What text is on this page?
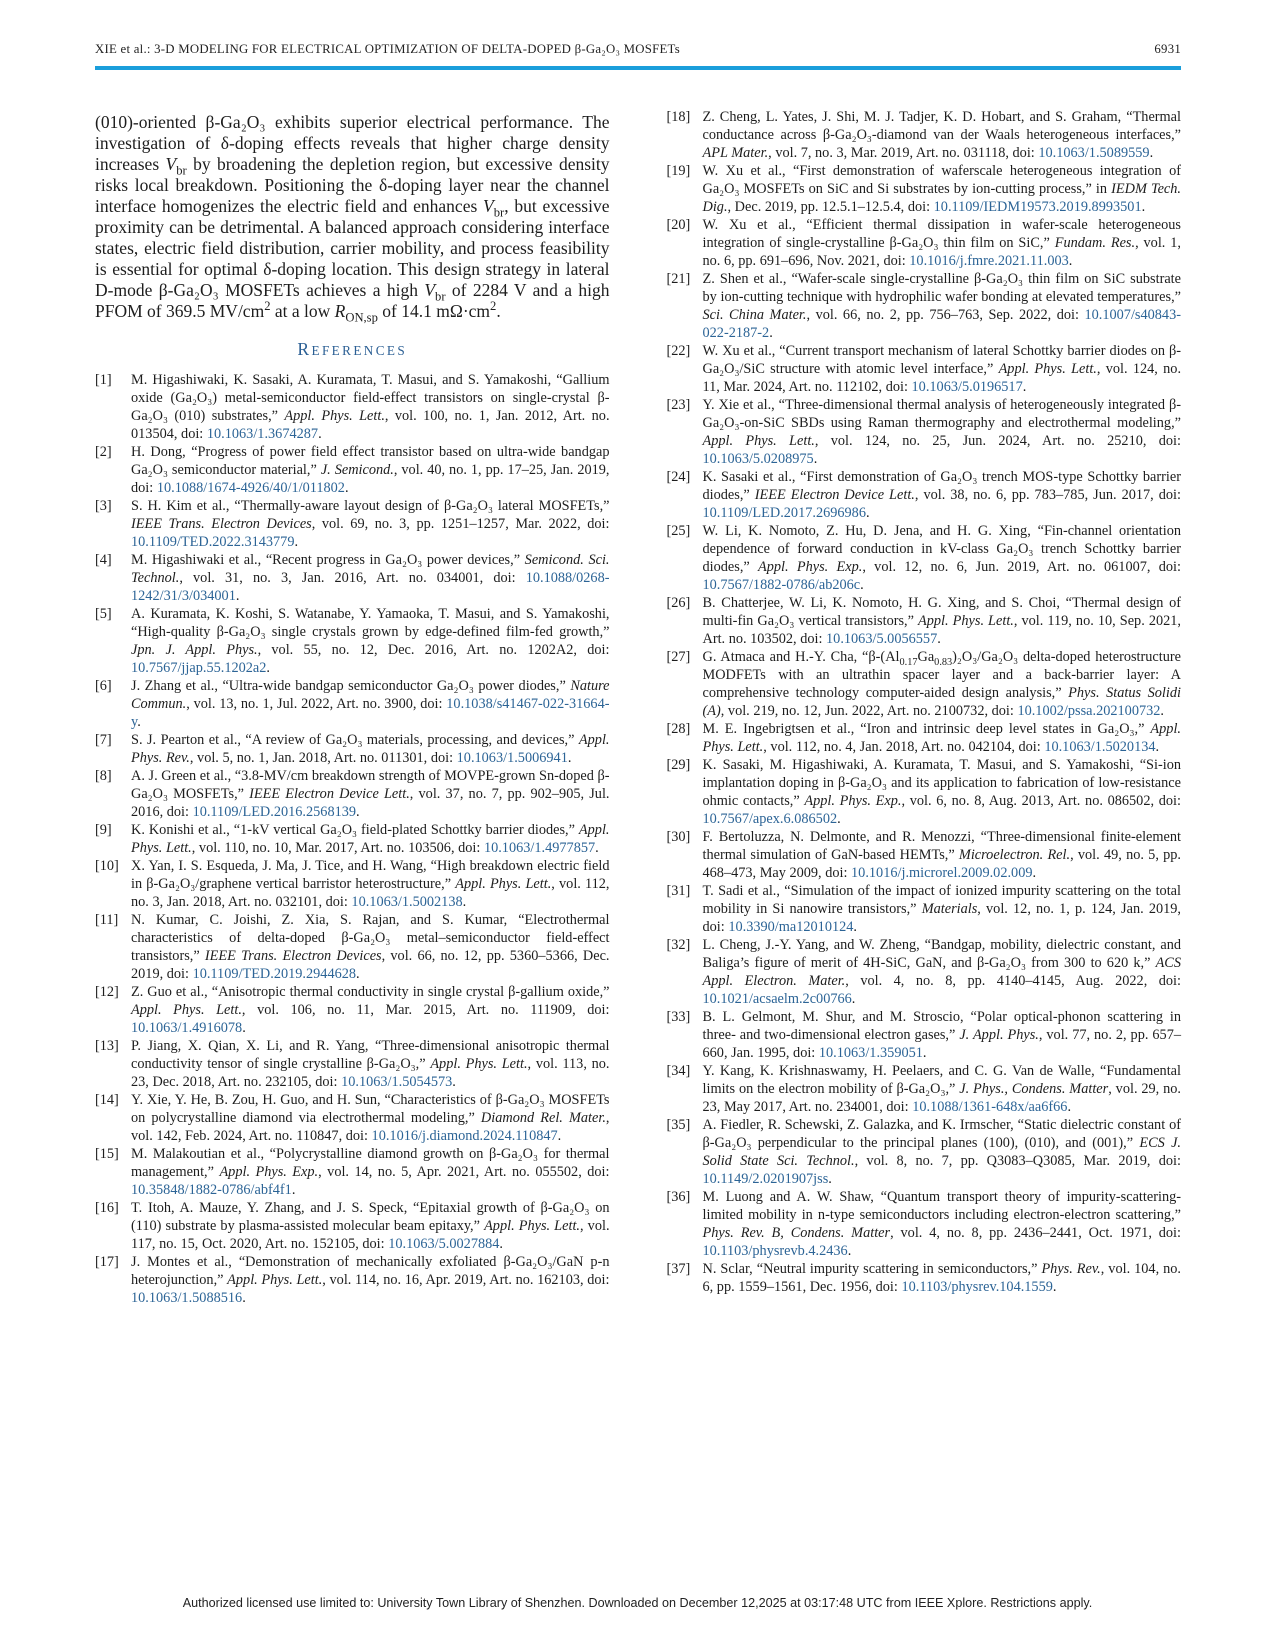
XIE et al.: 3-D MODELING FOR ELECTRICAL OPTIMIZATION OF DELTA-DOPED β-Ga₂O₃ MOSFETs	6931

(010)-oriented β-Ga₂O₃ exhibits superior electrical performance. The investigation of δ-doping effects reveals that higher charge density increases $V_{br}$ by broadening the depletion region, but excessive density risks local breakdown. Positioning the δ-doping layer near the channel interface homogenizes the electric field and enhances $V_{br}$, but excessive proximity can be detrimental. A balanced approach considering interface states, electric field distribution, carrier mobility, and process feasibility is essential for optimal δ-doping location. This design strategy in lateral D-mode β-Ga₂O₃ MOSFETs achieves a high $V_{br}$ of 2284 V and a high PFOM of 369.5 $MV/cm^2$ at a low $R_{ON,sp}$ of 14.1 $m\Omega\cdot cm^2$.

REFERENCES
[1]	M. Higashiwaki, K. Sasaki, A. Kuramata, T. Masui, and S. Yamakoshi, “Gallium oxide (Ga₂O₃) metal-semiconductor field-effect transistors on single-crystal β-Ga₂O₃ (010) substrates,” Appl. Phys. Lett., vol. 100, no. 1, Jan. 2012, Art. no. 013504, doi: 10.1063/1.3674287.
[2]	H. Dong, “Progress of power field effect transistor based on ultra-wide bandgap Ga₂O₃ semiconductor material,” J. Semicond., vol. 40, no. 1, pp. 17–25, Jan. 2019, doi: 10.1088/1674-4926/40/1/011802.
[3]	S. H. Kim et al., “Thermally-aware layout design of β-Ga₂O₃ lateral MOSFETs,” IEEE Trans. Electron Devices, vol. 69, no. 3, pp. 1251–1257, Mar. 2022, doi: 10.1109/TED.2022.3143779.
[4]	M. Higashiwaki et al., “Recent progress in Ga₂O₃ power devices,” Semicond. Sci. Technol., vol. 31, no. 3, Jan. 2016, Art. no. 034001, doi: 10.1088/0268-1242/31/3/034001.
[5]	A. Kuramata, K. Koshi, S. Watanabe, Y. Yamaoka, T. Masui, and S. Yamakoshi, “High-quality β-Ga₂O₃ single crystals grown by edge-defined film-fed growth,” Jpn. J. Appl. Phys., vol. 55, no. 12, Dec. 2016, Art. no. 1202A2, doi: 10.7567/jjap.55.1202a2.
[6]	J. Zhang et al., “Ultra-wide bandgap semiconductor Ga₂O₃ power diodes,” Nature Commun., vol. 13, no. 1, Jul. 2022, Art. no. 3900, doi: 10.1038/s41467-022-31664-y.
[7]	S. J. Pearton et al., “A review of Ga₂O₃ materials, processing, and devices,” Appl. Phys. Rev., vol. 5, no. 1, Jan. 2018, Art. no. 011301, doi: 10.1063/1.5006941.
[8]	A. J. Green et al., “3.8-MV/cm breakdown strength of MOVPE-grown Sn-doped β-Ga₂O₃ MOSFETs,” IEEE Electron Device Lett., vol. 37, no. 7, pp. 902–905, Jul. 2016, doi: 10.1109/LED.2016.2568139.
[9]	K. Konishi et al., “1-kV vertical Ga₂O₃ field-plated Schottky barrier diodes,” Appl. Phys. Lett., vol. 110, no. 10, Mar. 2017, Art. no. 103506, doi: 10.1063/1.4977857.
[10] X. Yan, I. S. Esqueda, J. Ma, J. Tice, and H. Wang, “High breakdown electric field in β-Ga₂O₃/graphene vertical barristor heterostructure,” Appl. Phys. Lett., vol. 112, no. 3, Jan. 2018, Art. no. 032101, doi: 10.1063/1.5002138.
[11] N. Kumar, C. Joishi, Z. Xia, S. Rajan, and S. Kumar, “Electrothermal characteristics of delta-doped β-Ga₂O₃ metal–semiconductor field-effect transistors,” IEEE Trans. Electron Devices, vol. 66, no. 12, pp. 5360–5366, Dec. 2019, doi: 10.1109/TED.2019.2944628.
[12] Z. Guo et al., “Anisotropic thermal conductivity in single crystal β-gallium oxide,” Appl. Phys. Lett., vol. 106, no. 11, Mar. 2015, Art. no. 111909, doi: 10.1063/1.4916078.
[13] P. Jiang, X. Qian, X. Li, and R. Yang, “Three-dimensional anisotropic thermal conductivity tensor of single crystalline β-Ga₂O₃,” Appl. Phys. Lett., vol. 113, no. 23, Dec. 2018, Art. no. 232105, doi: 10.1063/1.5054573.
[14] Y. Xie, Y. He, B. Zou, H. Guo, and H. Sun, “Characteristics of β-Ga₂O₃ MOSFETs on polycrystalline diamond via electrothermal modeling,” Diamond Rel. Mater., vol. 142, Feb. 2024, Art. no. 110847, doi: 10.1016/j.diamond.2024.110847.
[15] M. Malakoutian et al., “Polycrystalline diamond growth on β-Ga₂O₃ for thermal management,” Appl. Phys. Exp., vol. 14, no. 5, Apr. 2021, Art. no. 055502, doi: 10.35848/1882-0786/abf4f1.
[16] T. Itoh, A. Mauze, Y. Zhang, and J. S. Speck, “Epitaxial growth of β-Ga₂O₃ on (110) substrate by plasma-assisted molecular beam epitaxy,” Appl. Phys. Lett., vol. 117, no. 15, Oct. 2020, Art. no. 152105, doi: 10.1063/5.0027884.
[17] J. Montes et al., “Demonstration of mechanically exfoliated β-Ga₂O₃/GaN p-n heterojunction,” Appl. Phys. Lett., vol. 114, no. 16, Apr. 2019, Art. no. 162103, doi: 10.1063/1.5088516.
[18] Z. Cheng, L. Yates, J. Shi, M. J. Tadjer, K. D. Hobart, and S. Graham, “Thermal conductance across β-Ga₂O₃-diamond van der Waals heterogeneous interfaces,” APL Mater., vol. 7, no. 3, Mar. 2019, Art. no. 031118, doi: 10.1063/1.5089559.
[19] W. Xu et al., “First demonstration of waferscale heterogeneous integration of Ga₂O₃ MOSFETs on SiC and Si substrates by ion-cutting process,” in IEDM Tech. Dig., Dec. 2019, pp. 12.5.1–12.5.4, doi: 10.1109/IEDM19573.2019.8993501.
[20] W. Xu et al., “Efficient thermal dissipation in wafer-scale heterogeneous integration of single-crystalline β-Ga₂O₃ thin film on SiC,” Fundam. Res., vol. 1, no. 6, pp. 691–696, Nov. 2021, doi: 10.1016/j.fmre.2021.11.003.
[21] Z. Shen et al., “Wafer-scale single-crystalline β-Ga₂O₃ thin film on SiC substrate by ion-cutting technique with hydrophilic wafer bonding at elevated temperatures,” Sci. China Mater., vol. 66, no. 2, pp. 756–763, Sep. 2022, doi: 10.1007/s40843-022-2187-2.
[22] W. Xu et al., “Current transport mechanism of lateral Schottky barrier diodes on β-Ga₂O₃/SiC structure with atomic level interface,” Appl. Phys. Lett., vol. 124, no. 11, Mar. 2024, Art. no. 112102, doi: 10.1063/5.0196517.
[23] Y. Xie et al., “Three-dimensional thermal analysis of heterogeneously integrated β-Ga₂O₃-on-SiC SBDs using Raman thermography and electrothermal modeling,” Appl. Phys. Lett., vol. 124, no. 25, Jun. 2024, Art. no. 25210, doi: 10.1063/5.0208975.
[24] K. Sasaki et al., “First demonstration of Ga₂O₃ trench MOS-type Schottky barrier diodes,” IEEE Electron Device Lett., vol. 38, no. 6, pp. 783–785, Jun. 2017, doi: 10.1109/LED.2017.2696986.
[25] W. Li, K. Nomoto, Z. Hu, D. Jena, and H. G. Xing, “Fin-channel orientation dependence of forward conduction in kV-class Ga₂O₃ trench Schottky barrier diodes,” Appl. Phys. Exp., vol. 12, no. 6, Jun. 2019, Art. no. 061007, doi: 10.7567/1882-0786/ab206c.
[26] B. Chatterjee, W. Li, K. Nomoto, H. G. Xing, and S. Choi, “Thermal design of multi-fin Ga₂O₃ vertical transistors,” Appl. Phys. Lett., vol. 119, no. 10, Sep. 2021, Art. no. 103502, doi: 10.1063/5.0056557.
[27] G. Atmaca and H.-Y. Cha, “$\beta-(Al_{0.17}Ga_{0.83})_2O_3$/Ga₂O₃ delta-doped heterostructure MODFETs with an ultrathin spacer layer and a back-barrier layer: A comprehensive technology computer-aided design analysis,” Phys. Status Solidi (A), vol. 219, no. 12, Jun. 2022, Art. no. 2100732, doi: 10.1002/pssa.202100732.
[28] M. E. Ingebrigtsen et al., “Iron and intrinsic deep level states in Ga₂O₃,” Appl. Phys. Lett., vol. 112, no. 4, Jan. 2018, Art. no. 042104, doi: 10.1063/1.5020134.
[29] K. Sasaki, M. Higashiwaki, A. Kuramata, T. Masui, and S. Yamakoshi, “Si-ion implantation doping in β-Ga₂O₃ and its application to fabrication of low-resistance ohmic contacts,” Appl. Phys. Exp., vol. 6, no. 8, Aug. 2013, Art. no. 086502, doi: 10.7567/apex.6.086502.
[30] F. Bertoluzza, N. Delmonte, and R. Menozzi, “Three-dimensional finite-element thermal simulation of GaN-based HEMTs,” Microelectron. Rel., vol. 49, no. 5, pp. 468–473, May 2009, doi: 10.1016/j.microrel.2009.02.009.
[31] T. Sadi et al., “Simulation of the impact of ionized impurity scattering on the total mobility in Si nanowire transistors,” Materials, vol. 12, no. 1, p. 124, Jan. 2019, doi: 10.3390/ma12010124.
[32] L. Cheng, J.-Y. Yang, and W. Zheng, “Bandgap, mobility, dielectric constant, and Baliga’s figure of merit of 4H-SiC, GaN, and β-Ga₂O₃ from 300 to 620 k,” ACS Appl. Electron. Mater., vol. 4, no. 8, pp. 4140–4145, Aug. 2022, doi: 10.1021/acsaelm.2c00766.
[33] B. L. Gelmont, M. Shur, and M. Stroscio, “Polar optical-phonon scattering in three- and two-dimensional electron gases,” J. Appl. Phys., vol. 77, no. 2, pp. 657–660, Jan. 1995, doi: 10.1063/1.359051.
[34] Y. Kang, K. Krishnaswamy, H. Peelaers, and C. G. Van de Walle, “Fundamental limits on the electron mobility of β-Ga₂O₃,” J. Phys., Condens. Matter, vol. 29, no. 23, May 2017, Art. no. 234001, doi: 10.1088/1361-648x/aa6f66.
[35] A. Fiedler, R. Schewski, Z. Galazka, and K. Irmscher, “Static dielectric constant of β-Ga₂O₃ perpendicular to the principal planes (100), (010), and (001),” ECS J. Solid State Sci. Technol., vol. 8, no. 7, pp. Q3083–Q3085, Mar. 2019, doi: 10.1149/2.0201907jss.
[36] M. Luong and A. W. Shaw, “Quantum transport theory of impurity-scattering-limited mobility in n-type semiconductors including electron-electron scattering,” Phys. Rev. B, Condens. Matter, vol. 4, no. 8, pp. 2436–2441, Oct. 1971, doi: 10.1103/physrevb.4.2436.
[37] N. Sclar, “Neutral impurity scattering in semiconductors,” Phys. Rev., vol. 104, no. 6, pp. 1559–1561, Dec. 1956, doi: 10.1103/physrev.104.1559.
Authorized licensed use limited to: University Town Library of Shenzhen. Downloaded on December 12,2025 at 03:17:48 UTC from IEEE Xplore. Restrictions apply.
